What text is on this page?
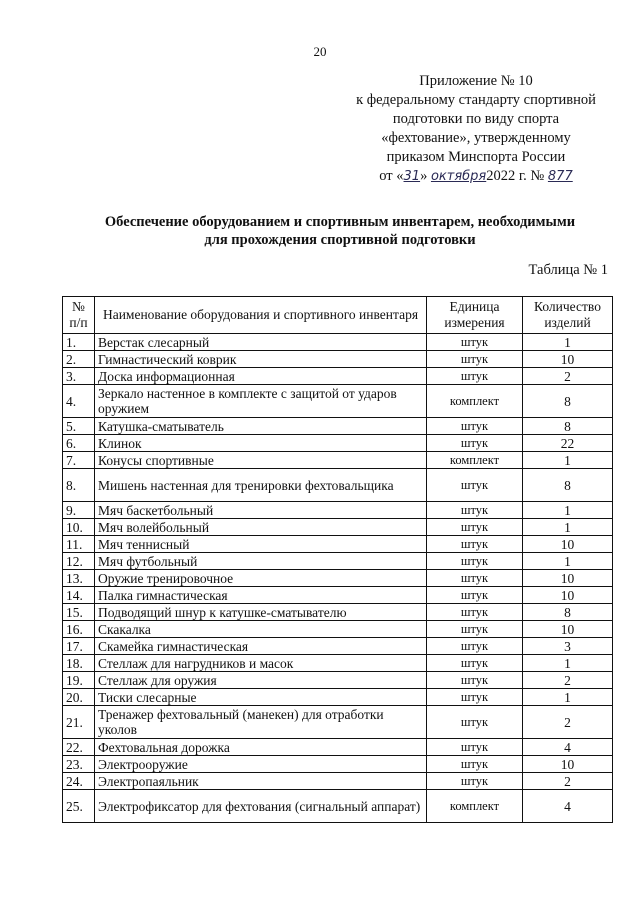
20
Приложение № 10
к федеральному стандарту спортивной
подготовки по виду спорта
«фехтование», утвержденному
приказом Минспорта России
от «31» октября2022 г. № 877
Обеспечение оборудованием и спортивным инвентарем, необходимыми
для прохождения спортивной подготовки
Таблица № 1
№ п/п	Наименование оборудования и спортивного инвентаря	Единица измерения	Количество изделий
1.	Верстак слесарный	штук	1
2.	Гимнастический коврик	штук	10
3.	Доска информационная	штук	2
4.	Зеркало настенное в комплекте с защитой от ударов оружием	комплект	8
5.	Катушка-сматыватель	штук	8
6.	Клинок	штук	22
7.	Конусы спортивные	комплект	1
8.	Мишень настенная для тренировки фехтовальщика	штук	8
9.	Мяч баскетбольный	штук	1
10.	Мяч волейбольный	штук	1
11.	Мяч теннисный	штук	10
12.	Мяч футбольный	штук	1
13.	Оружие тренировочное	штук	10
14.	Палка гимнастическая	штук	10
15.	Подводящий шнур к катушке-сматывателю	штук	8
16.	Скакалка	штук	10
17.	Скамейка гимнастическая	штук	3
18.	Стеллаж для нагрудников и масок	штук	1
19.	Стеллаж для оружия	штук	2
20.	Тиски слесарные	штук	1
21.	Тренажер фехтовальный (манекен) для отработки уколов	штук	2
22.	Фехтовальная дорожка	штук	4
23.	Электрооружие	штук	10
24.	Электропаяльник	штук	2
25.	Электрофиксатор для фехтования (сигнальный аппарат)	комплект	4
